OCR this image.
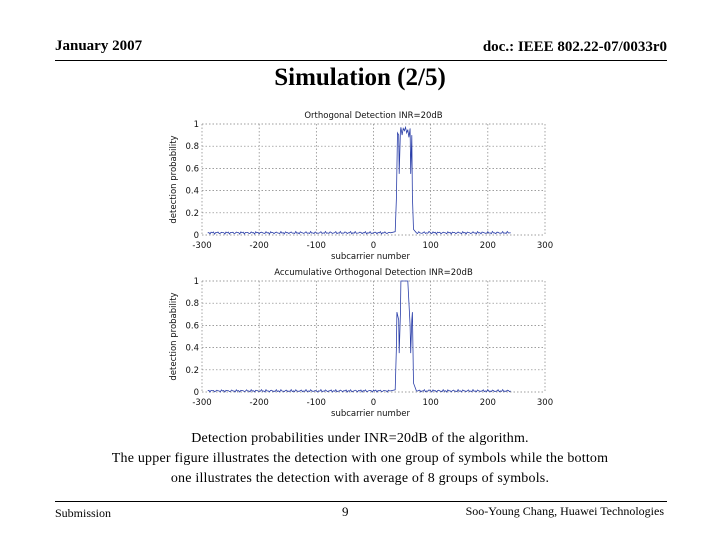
January 2007	doc.: IEEE 802.22-07/0033r0
Simulation (2/5)
Orthogonal Detection INR=20dB
-300	-200	-100	0	100	200	300
0
0.2
0.4
0.6
0.8
1
subcarrier number
detection probability
Accumulative Orthogonal Detection INR=20dB
-300	-200	-100	0	100	200	300
0
0.2
0.4
0.6
0.8
1
subcarrier number
detection probability
Detection probabilities under INR=20dB of the algorithm.
The upper figure illustrates the detection with one group of symbols while the bottom
one illustrates the detection with average of 8 groups of symbols.
Submission	9	Soo-Young Chang, Huawei Technologies
